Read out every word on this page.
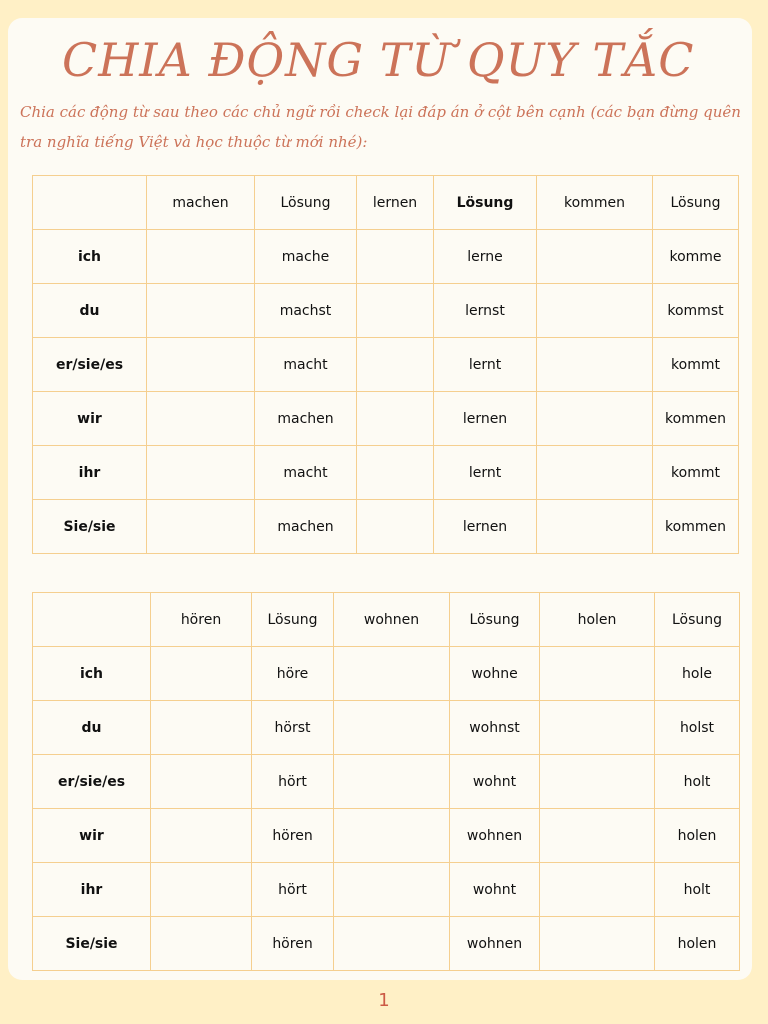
CHIA ĐỘNG TỪ QUY TẮC

Chia các động từ sau theo các chủ ngữ rồi check lại đáp án ở cột bên cạnh (các bạn đừng quên tra nghĩa tiếng Việt và học thuộc từ mới nhé):

	machen	Lösung	lernen	Lösung	kommen	Lösung
ich		mache		lerne		komme
du		machst		lernst		kommst
er/sie/es		macht		lernt		kommt
wir		machen		lernen		kommen
ihr		macht		lernt		kommt
Sie/sie		machen		lernen		kommen
	hören	Lösung	wohnen	Lösung	holen	Lösung
ich		höre		wohne		hole
du		hörst		wohnst		holst
er/sie/es		hört		wohnt		holt
wir		hören		wohnen		holen
ihr		hört		wohnt		holt
Sie/sie		hören		wohnen		holen
1
